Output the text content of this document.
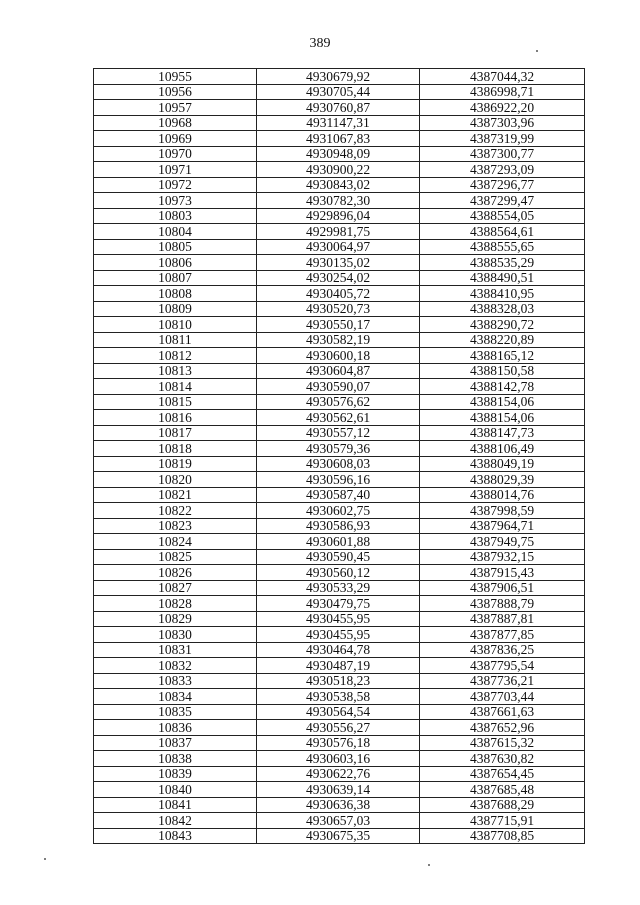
389
10955	4930679,92	4387044,32
10956	4930705,44	4386998,71
10957	4930760,87	4386922,20
10968	4931147,31	4387303,96
10969	4931067,83	4387319,99
10970	4930948,09	4387300,77
10971	4930900,22	4387293,09
10972	4930843,02	4387296,77
10973	4930782,30	4387299,47
10803	4929896,04	4388554,05
10804	4929981,75	4388564,61
10805	4930064,97	4388555,65
10806	4930135,02	4388535,29
10807	4930254,02	4388490,51
10808	4930405,72	4388410,95
10809	4930520,73	4388328,03
10810	4930550,17	4388290,72
10811	4930582,19	4388220,89
10812	4930600,18	4388165,12
10813	4930604,87	4388150,58
10814	4930590,07	4388142,78
10815	4930576,62	4388154,06
10816	4930562,61	4388154,06
10817	4930557,12	4388147,73
10818	4930579,36	4388106,49
10819	4930608,03	4388049,19
10820	4930596,16	4388029,39
10821	4930587,40	4388014,76
10822	4930602,75	4387998,59
10823	4930586,93	4387964,71
10824	4930601,88	4387949,75
10825	4930590,45	4387932,15
10826	4930560,12	4387915,43
10827	4930533,29	4387906,51
10828	4930479,75	4387888,79
10829	4930455,95	4387887,81
10830	4930455,95	4387877,85
10831	4930464,78	4387836,25
10832	4930487,19	4387795,54
10833	4930518,23	4387736,21
10834	4930538,58	4387703,44
10835	4930564,54	4387661,63
10836	4930556,27	4387652,96
10837	4930576,18	4387615,32
10838	4930603,16	4387630,82
10839	4930622,76	4387654,45
10840	4930639,14	4387685,48
10841	4930636,38	4387688,29
10842	4930657,03	4387715,91
10843	4930675,35	4387708,85
